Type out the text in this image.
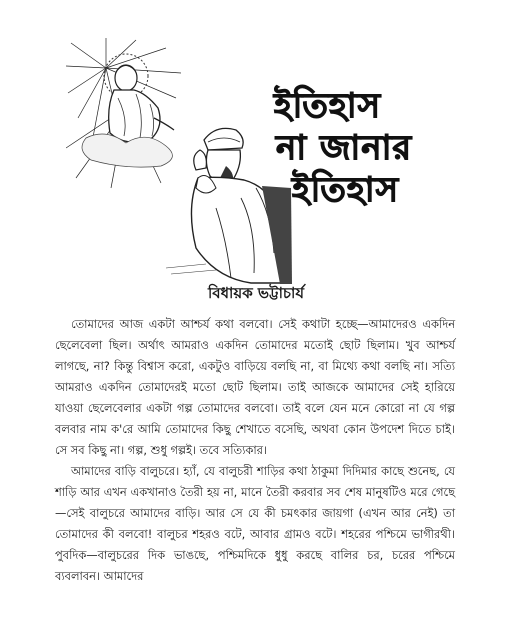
ইতিহাস
না জানার
ইতিহাস
বিধায়ক ভট্টাচার্য

তোমাদের আজ একটা আশ্চর্য কথা বলবো। সেই কথাটা হচ্ছে—আমাদেরও একদিন ছেলেবেলা ছিল। অর্থাৎ আমরাও একদিন তোমাদের মতোই ছোট ছিলাম। খুব আশ্চর্য লাগছে, না? কিন্তু বিশ্বাস করো, একটুও বাড়িয়ে বলছি না, বা মিথ্যে কথা বলছি না। সত্যি আমরাও একদিন তোমাদেরই মতো ছোট ছিলাম। তাই আজকে আমাদের সেই হারিয়ে যাওয়া ছেলেবেলার একটা গল্প তোমাদের বলবো। তাই বলে যেন মনে কোরো না যে গল্প বলবার নাম ক'রে আমি তোমাদের কিছু শেখাতে বসেছি, অথবা কোন উপদেশ দিতে চাই। সে সব কিছু না। গল্প, শুধু গল্পই। তবে সত্যিকার।

আমাদের বাড়ি বালুচরে। হ্যাঁ, যে বালুচরী শাড়ির কথা ঠাকুমা দিদিমার কাছে শুনেছ, যে শাড়ি আর এখন একখানাও তৈরী হয় না, মানে তৈরী করবার সব শেষ মানুষটিও মরে গেছে—সেই বালুচরে আমাদের বাড়ি। আর সে যে কী চমৎকার জায়গা (এখন আর নেই) তা তোমাদের কী বলবো! বালুচর শহরও বটে, আবার গ্রামও বটে। শহরের পশ্চিমে ভাগীরথী। পুবদিক—বালুচরের দিক ভাঙছে, পশ্চিমদিকে ধুধু করছে বালির চর, চরের পশ্চিমে ব্যবলাবন। আমাদের
